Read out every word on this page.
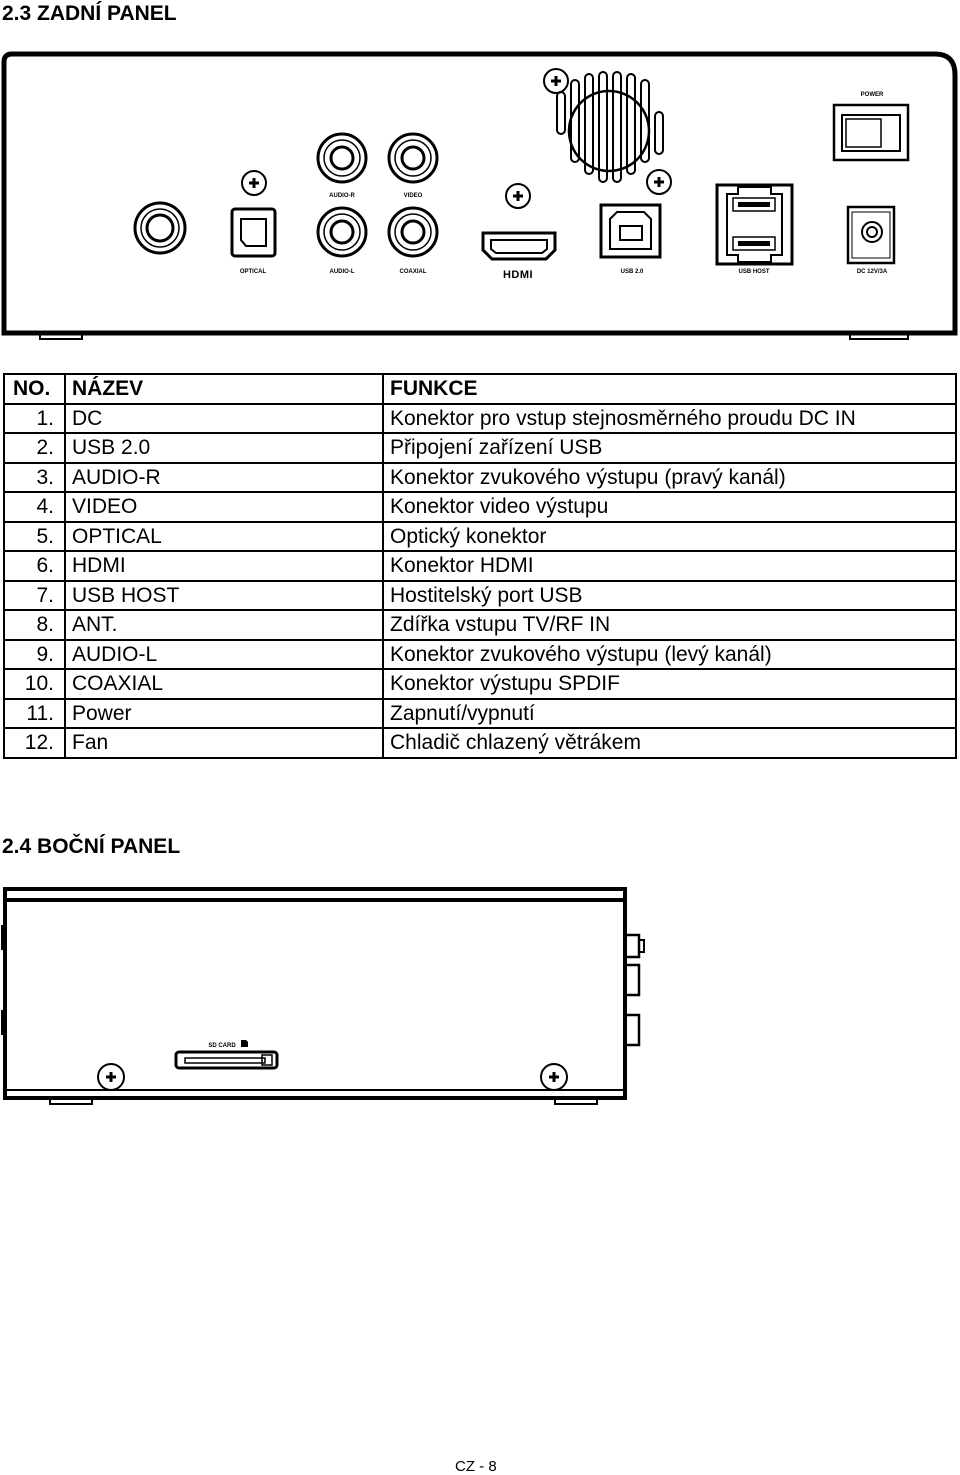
2.3 ZADNÍ PANEL
OPTICAL
AUDIO-R	VIDEO
AUDIO-L	COAXIAL	HDMI	USB 2.0	USB HOST	DC 12V/3A
POWER
NO.	NÁZEV	FUNKCE
1.	DC	Konektor pro vstup stejnosměrného proudu DC IN
2.	USB 2.0	Připojení zařízení USB
3.	AUDIO-R	Konektor zvukového výstupu (pravý kanál)
4.	VIDEO	Konektor video výstupu
5.	OPTICAL	Optický konektor
6.	HDMI	Konektor HDMI
7.	USB HOST	Hostitelský port USB
8.	ANT.	Zdířka vstupu TV/RF IN
9.	AUDIO-L	Konektor zvukového výstupu (levý kanál)
10.	COAXIAL	Konektor výstupu SPDIF
11.	Power	Zapnutí/vypnutí
12.	Fan	Chladič chlazený větrákem
2.4 BOČNÍ PANEL
SD CARD
CZ - 8
